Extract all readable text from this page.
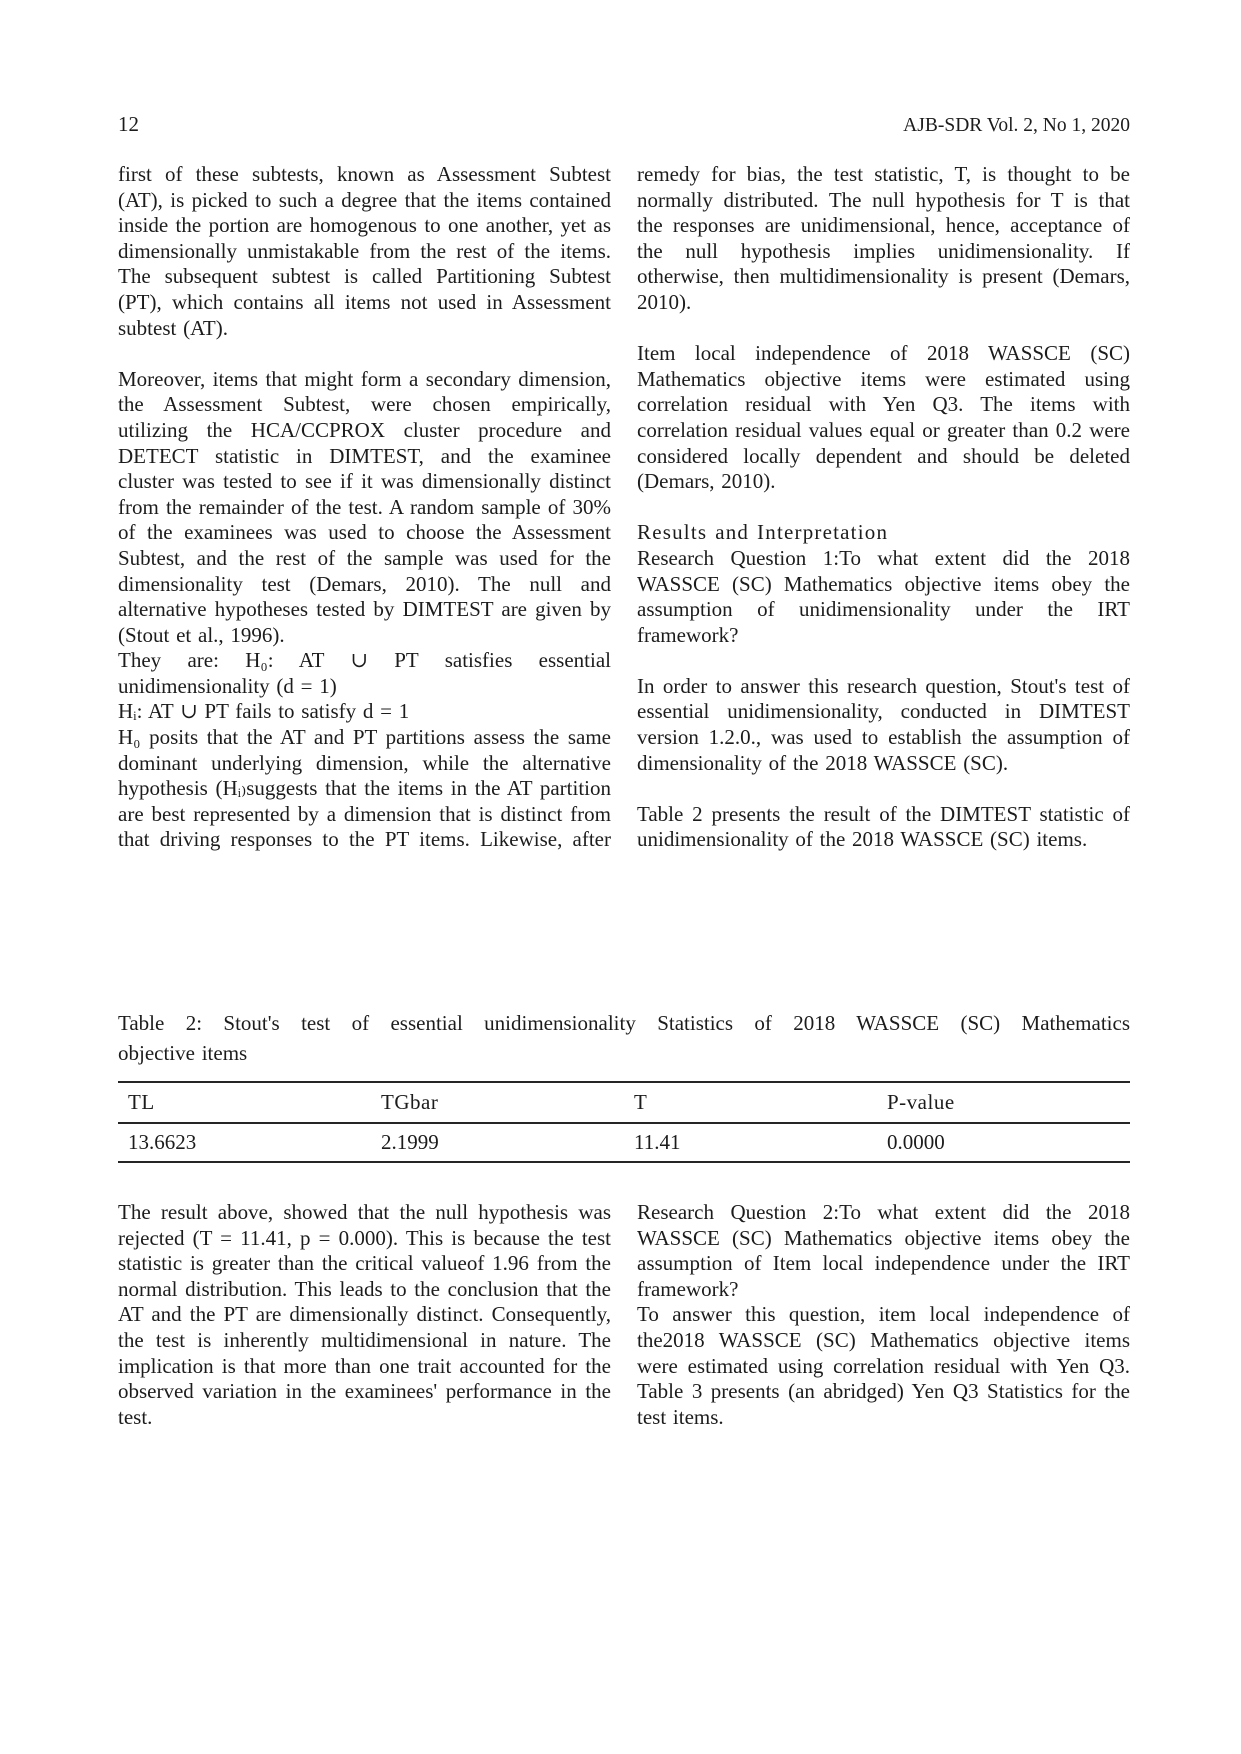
12	AJB-SDR Vol. 2, No 1, 2020

first of these subtests, known as Assessment Subtest (AT), is picked to such a degree that the items contained inside the portion are homogenous to one another, yet as dimensionally unmistakable from the rest of the items. The subsequent subtest is called Partitioning Subtest (PT), which contains all items not used in Assessment subtest (AT).

Moreover, items that might form a secondary dimension, the Assessment Subtest, were chosen empirically, utilizing the HCA/CCPROX cluster procedure and DETECT statistic in DIMTEST, and the examinee cluster was tested to see if it was dimensionally distinct from the remainder of the test. A random sample of 30% of the examinees was used to choose the Assessment Subtest, and the rest of the sample was used for the dimensionality test (Demars, 2010). The null and alternative hypotheses tested by DIMTEST are given by (Stout et al., 1996).

They are: H₀: AT ∪ PT satisfies essential unidimensionality (d = 1)

Hᵢ: AT ∪ PT fails to satisfy d = 1

H₀ posits that the AT and PT partitions assess the same dominant underlying dimension, while the alternative hypothesis (Hᵢ₎suggests that the items in the AT partition are best represented by a dimension that is distinct from that driving responses to the PT items. Likewise, after

remedy for bias, the test statistic, T, is thought to be normally distributed. The null hypothesis for T is that the responses are unidimensional, hence, acceptance of the null hypothesis implies unidimensionality. If otherwise, then multidimensionality is present (Demars, 2010).

Item local independence of 2018 WASSCE (SC) Mathematics objective items were estimated using correlation residual with Yen Q3. The items with correlation residual values equal or greater than 0.2 were considered locally dependent and should be deleted (Demars, 2010).

Results and Interpretation

Research Question 1:To what extent did the 2018 WASSCE (SC) Mathematics objective items obey the assumption of unidimensionality under the IRT framework?

In order to answer this research question, Stout's test of essential unidimensionality, conducted in DIMTEST version 1.2.0., was used to establish the assumption of dimensionality of the 2018 WASSCE (SC).

Table 2 presents the result of the DIMTEST statistic of unidimensionality of the 2018 WASSCE (SC) items.

Table 2: Stout's test of essential unidimensionality Statistics of 2018 WASSCE (SC) Mathematics

objective items

TL	TGbar	T	P-value
13.6623	2.1999	11.41	0.0000

The result above, showed that the null hypothesis was rejected (T = 11.41, p = 0.000). This is because the test statistic is greater than the critical valueof 1.96 from the normal distribution. This leads to the conclusion that the AT and the PT are dimensionally distinct. Consequently, the test is inherently multidimensional in nature. The implication is that more than one trait accounted for the observed variation in the examinees' performance in the test.

Research Question 2:To what extent did the 2018 WASSCE (SC) Mathematics objective items obey the assumption of Item local independence under the IRT framework?

To answer this question, item local independence of the2018 WASSCE (SC) Mathematics objective items were estimated using correlation residual with Yen Q3. Table 3 presents (an abridged) Yen Q3 Statistics for the test items.
